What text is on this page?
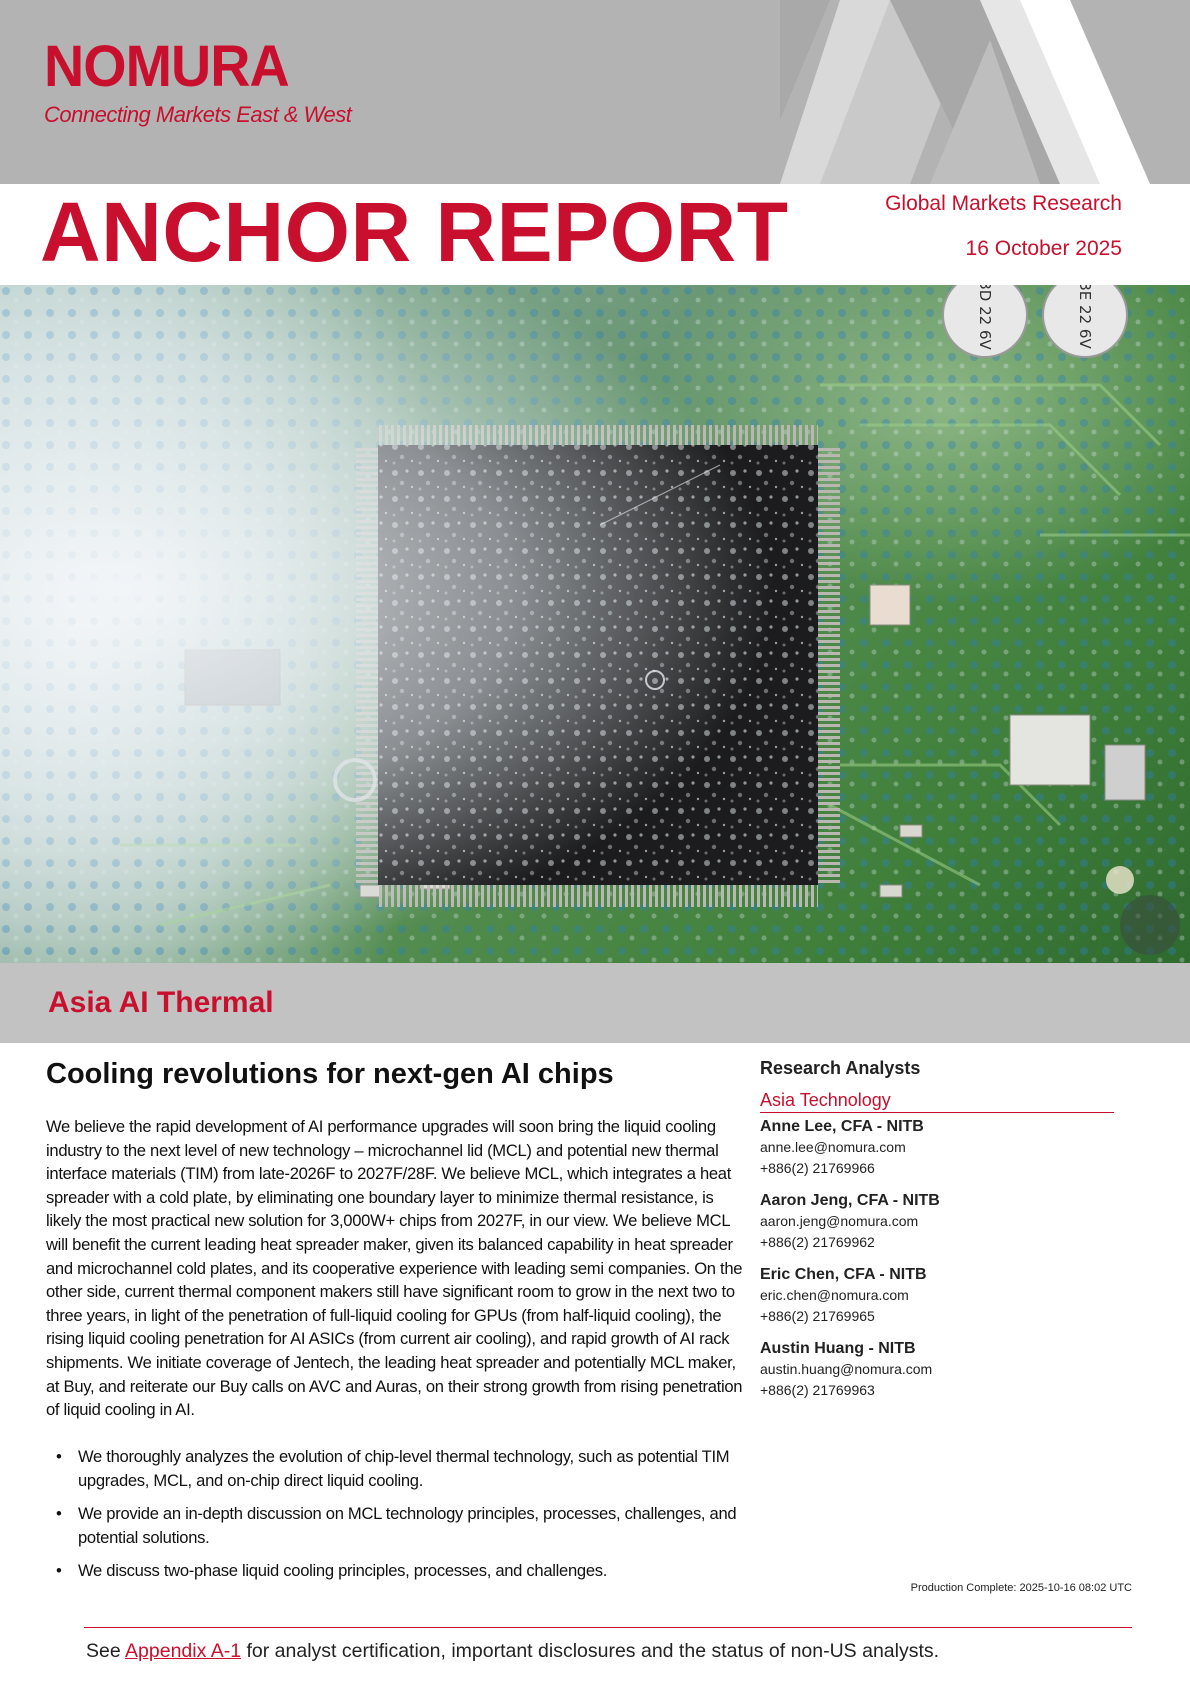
NOMURA
Connecting Markets East & West
ANCHOR REPORT	Global Markets Research
16 October 2025
Asia AI Thermal
Cooling revolutions for next-gen AI chips

We believe the rapid development of AI performance upgrades will soon bring the liquid cooling industry to the next level of new technology – microchannel lid (MCL) and potential new thermal interface materials (TIM) from late-2026F to 2027F/28F. We believe MCL, which integrates a heat spreader with a cold plate, by eliminating one boundary layer to minimize thermal resistance, is likely the most practical new solution for 3,000W+ chips from 2027F, in our view. We believe MCL will benefit the current leading heat spreader maker, given its balanced capability in heat spreader and microchannel cold plates, and its cooperative experience with leading semi companies. On the other side, current thermal component makers still have significant room to grow in the next two to three years, in light of the penetration of full-liquid cooling for GPUs (from half-liquid cooling), the rising liquid cooling penetration for AI ASICs (from current air cooling), and rapid growth of AI rack shipments. We initiate coverage of Jentech, the leading heat spreader and potentially MCL maker, at Buy, and reiterate our Buy calls on AVC and Auras, on their strong growth from rising penetration of liquid cooling in AI.

• We thoroughly analyzes the evolution of chip-level thermal technology, such as potential TIM upgrades, MCL, and on-chip direct liquid cooling.
• We provide an in-depth discussion on MCL technology principles, processes, challenges, and potential solutions.
• We discuss two-phase liquid cooling principles, processes, and challenges.
Research Analysts
Asia Technology
Anne Lee, CFA - NITB
anne.lee@nomura.com
+886(2) 21769966
Aaron Jeng, CFA - NITB
aaron.jeng@nomura.com
+886(2) 21769962
Eric Chen, CFA - NITB
eric.chen@nomura.com
+886(2) 21769965
Austin Huang - NITB
austin.huang@nomura.com
+886(2) 21769963
Production Complete: 2025-10-16 08:02 UTC
See Appendix A-1 for analyst certification, important disclosures and the status of non-US analysts.
